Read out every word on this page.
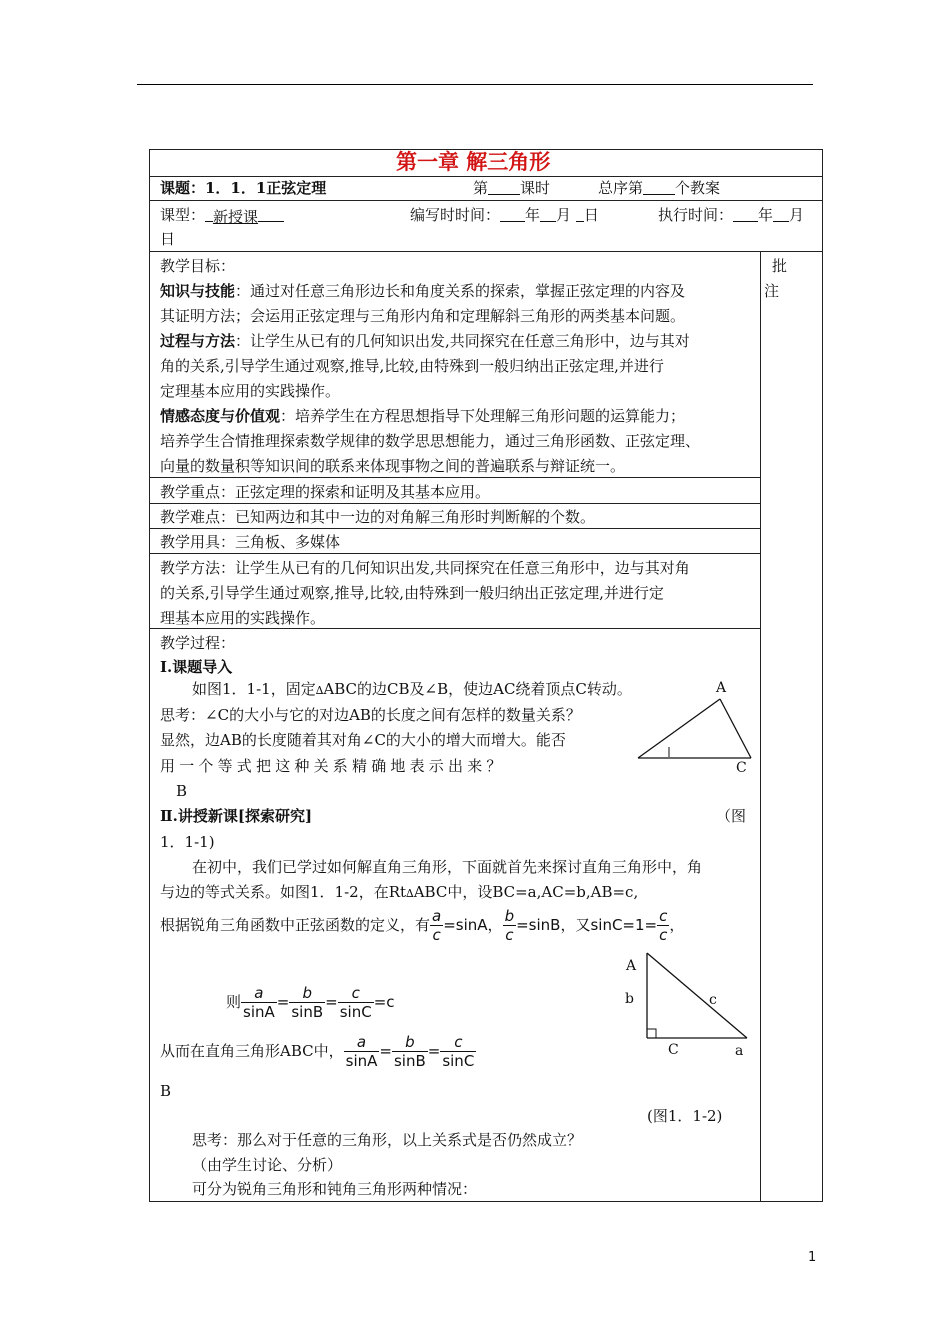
第一章 解三角形
课题：1．1．1正弦定理	第 课时	总序第 个教案
课型： 新授课	编写时时间： 年 月 日	执行时间： 年 月
日
批
注
教学目标：
知识与技能：通过对任意三角形边长和角度关系的探索，掌握正弦定理的内容及
其证明方法；会运用正弦定理与三角形内角和定理解斜三角形的两类基本问题。
过程与方法：让学生从已有的几何知识出发,共同探究在任意三角形中，边与其对
角的关系,引导学生通过观察,推导,比较,由特殊到一般归纳出正弦定理,并进行
定理基本应用的实践操作。
情感态度与价值观：培养学生在方程思想指导下处理解三角形问题的运算能力；
培养学生合情推理探索数学规律的数学思思想能力，通过三角形函数、正弦定理、
向量的数量积等知识间的联系来体现事物之间的普遍联系与辩证统一。
教学重点：正弦定理的探索和证明及其基本应用。
教学难点：已知两边和其中一边的对角解三角形时判断解的个数。
教学用具：三角板、多媒体
教学方法：让学生从已有的几何知识出发,共同探究在任意三角形中，边与其对角
的关系,引导学生通过观察,推导,比较,由特殊到一般归纳出正弦定理,并进行定
理基本应用的实践操作。
教学过程：
Ⅰ.课题导入
如图1．1-1，固定∆ABC的边CB及∠B，使边AC绕着顶点C转动。
思考：∠C的大小与它的对边AB的长度之间有怎样的数量关系？
显然，边AB的长度随着其对角∠C的大小的增大而增大。能否
用一个等式把这种关系精确地表示出来？
B
A
C
Ⅱ.讲授新课[探索研究]	（图
1．1-1)
在初中，我们已学过如何解直角三角形，下面就首先来探讨直角三角形中，角
与边的等式关系。如图1．1-2，在Rt∆ABC中，设BC=a,AC=b,AB=c,
根据锐角三角函数中正弦函数的定义，有 $\frac{a}{c} =\sin A$， $\frac{b}{c} =\sin B$，又$\sin C=1= \frac{c}{c}$ ，
则 $\frac{a}{\sin A} = \frac{b}{\sin B} = \frac{c}{\sin C} =c$
从而在直角三角形ABC中， $\frac{a}{\sin A} = \frac{b}{\sin B} = \frac{c}{\sin C}$
B
A
b	c
C	a
(图1．1-2)
思考：那么对于任意的三角形，以上关系式是否仍然成立？
（由学生讨论、分析）
可分为锐角三角形和钝角三角形两种情况：
1
